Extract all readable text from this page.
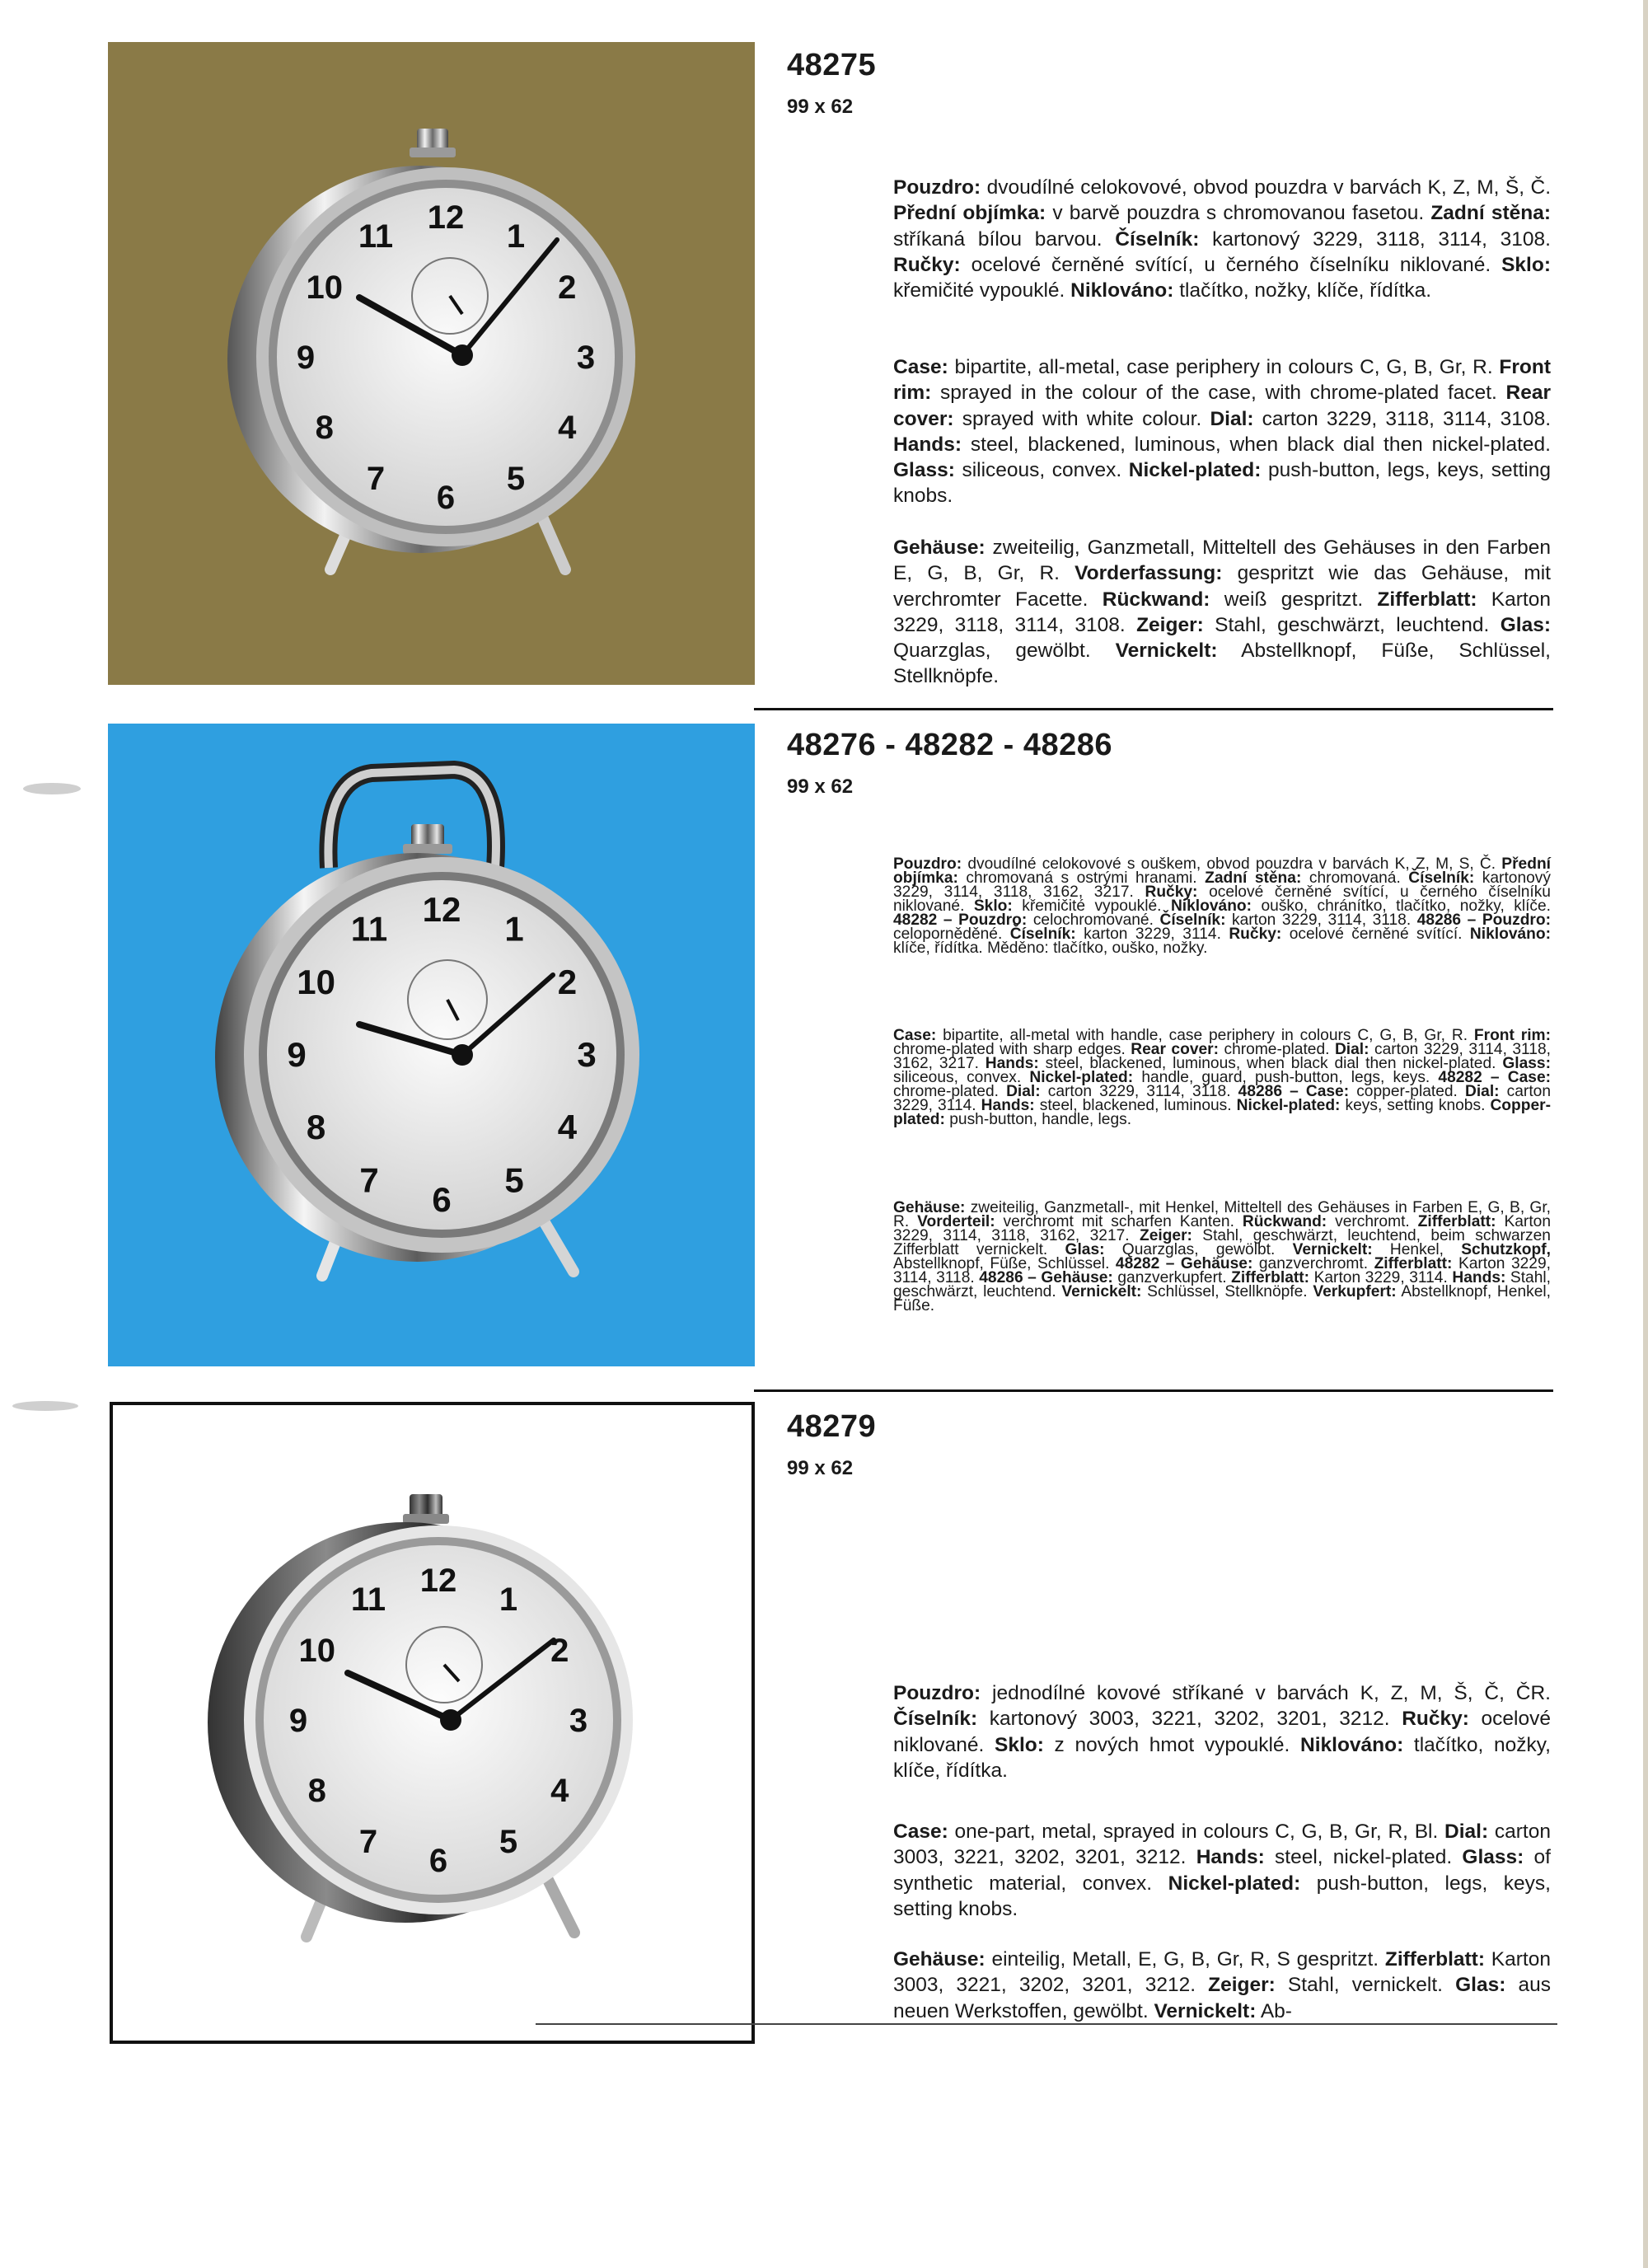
12
1
2
3
4
5
6
7
8
9
10
11
48275
99 x 62

Pouzdro: dvoudílné celokovové, obvod pouzdra v barvách K, Z, M, Š, Č. Přední objímka: v barvě pouzdra s chromovanou fasetou. Zadní stěna: stříkaná bílou barvou. Číselník: kartonový 3229, 3118, 3114, 3108. Ručky: ocelové černěné svítící, u černého číselníku niklované. Sklo: křemičité vypouklé. Niklováno: tlačítko, nožky, klíče, řídítka.

Case: bipartite, all-metal, case periphery in colours C, G, B, Gr, R. Front rim: sprayed in the colour of the case, with chrome-plated facet. Rear cover: sprayed with white colour. Dial: carton 3229, 3118, 3114, 3108. Hands: steel, blackened, luminous, when black dial then nickel-plated. Glass: siliceous, convex. Nickel-plated: push-button, legs, keys, setting knobs.

Gehäuse: zweiteilig, Ganzmetall, Mitteltell des Gehäuses in den Farben E, G, B, Gr, R. Vorderfassung: gespritzt wie das Gehäuse, mit verchromter Facette. Rückwand: weiß gespritzt. Zifferblatt: Karton 3229, 3118, 3114, 3108. Zeiger: Stahl, geschwärzt, leuchtend. Glas: Quarzglas, gewölbt. Vernickelt: Abstellknopf, Füße, Schlüssel, Stellknöpfe.

12
1
2
3
4
5
6
7
8
9
10
11
48276 - 48282 - 48286
99 x 62

Pouzdro: dvoudílné celokovové s ouškem, obvod pouzdra v barvách K, Z, M, S, Č. Přední objímka: chromovaná s ostrými hranami. Zadní stěna: chromovaná. Číselník: kartonový 3229, 3114, 3118, 3162, 3217. Ručky: ocelové černěné svítící, u černého číselníku niklované. Sklo: křemičité vypouklé. Niklováno: ouško, chránítko, tlačítko, nožky, klíče. 48282 – Pouzdro: celochromované. Číselník: karton 3229, 3114, 3118. 48286 – Pouzdro: celoporněděné. Číselník: karton 3229, 3114. Ručky: ocelové černěné svítící. Niklováno: klíče, řídítka. Měděno: tlačítko, ouško, nožky.

Case: bipartite, all-metal with handle, case periphery in colours C, G, B, Gr, R. Front rim: chrome-plated with sharp edges. Rear cover: chrome-plated. Dial: carton 3229, 3114, 3118, 3162, 3217. Hands: steel, blackened, luminous, when black dial then nickel-plated. Glass: siliceous, convex. Nickel-plated: handle, guard, push-button, legs, keys. 48282 – Case: chrome-plated. Dial: carton 3229, 3114, 3118. 48286 – Case: copper-plated. Dial: carton 3229, 3114. Hands: steel, blackened, luminous. Nickel-plated: keys, setting knobs. Copper-plated: push-button, handle, legs.

Gehäuse: zweiteilig, Ganzmetall-, mit Henkel, Mitteltell des Gehäuses in Farben E, G, B, Gr, R. Vorderteil: verchromt mit scharfen Kanten. Rückwand: verchromt. Zifferblatt: Karton 3229, 3114, 3118, 3162, 3217. Zeiger: Stahl, geschwärzt, leuchtend, beim schwarzen Zifferblatt vernickelt. Glas: Quarzglas, gewölbt. Vernickelt: Henkel, Schutzkopf, Abstellknopf, Füße, Schlüssel. 48282 – Gehäuse: ganzverchromt. Zifferblatt: Karton 3229, 3114, 3118. 48286 – Gehäuse: ganzverkupfert. Zifferblatt: Karton 3229, 3114. Hands: Stahl, geschwärzt, leuchtend. Vernickelt: Schlüssel, Stellknöpfe. Verkupfert: Abstellknopf, Henkel, Füße.

12
1
2
3
4
5
6
7
8
9
10
11
48279
99 x 62

Pouzdro: jednodílné kovové stříkané v barvách K, Z, M, Š, Č, ČR. Číselník: kartonový 3003, 3221, 3202, 3201, 3212. Ručky: ocelové niklované. Sklo: z nových hmot vypouklé. Niklováno: tlačítko, nožky, klíče, řídítka.

Case: one-part, metal, sprayed in colours C, G, B, Gr, R, Bl. Dial: carton 3003, 3221, 3202, 3201, 3212. Hands: steel, nickel-plated. Glass: of synthetic material, convex. Nickel-plated: push-button, legs, keys, setting knobs.

Gehäuse: einteilig, Metall, E, G, B, Gr, R, S gespritzt. Zifferblatt: Karton 3003, 3221, 3202, 3201, 3212. Zeiger: Stahl, vernickelt. Glas: aus neuen Werkstoffen, gewölbt. Vernickelt: Ab-
